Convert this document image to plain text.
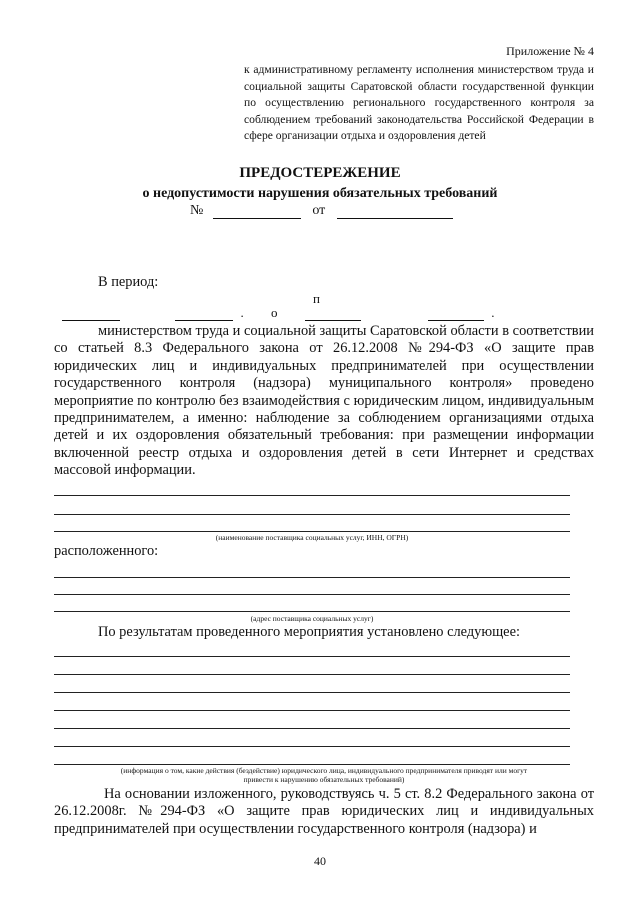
Приложение № 4
к административному регламенту исполнения министерством труда и социальной защиты Саратовской области государственной функции по осуществлению регионального государственного контроля за соблюдением требований законодательства Российской Федерации в сфере организации отдыха и оздоровления детей
ПРЕДОСТЕРЕЖЕНИЕ
о недопустимости нарушения обязательных требований
№	от
В период:
п
. о	.
министерством труда и социальной защиты Саратовской области в соответствии со статьей 8.3 Федерального закона от 26.12.2008 №294-ФЗ «О защите прав юридических лиц и индивидуальных предпринимателей при осуществлении государственного контроля (надзора) муниципального контроля» проведено мероприятие по контролю без взаимодействия с юридическим лицом, индивидуальным предпринимателем, а именно: наблюдение за соблюдением организациями отдыха детей и их оздоровления обязательный требования: при размещении информации включенной реестр отдыха и оздоровления детей в сети Интернет и средствах массовой информации.
(наименование поставщика социальных услуг, ИНН, ОГРН)
расположенного:
(адрес поставщика социальных услуг)
По результатам проведенного мероприятия установлено следующее:
(информация о том, какие действия (бездействие) юридического лица, индивидуального предпринимателя приводят или могут
привести к нарушению обязательных требований)
На основании изложенного, руководствуясь ч. 5 ст. 8.2 Федерального закона от 26.12.2008г. №294-ФЗ «О защите прав юридических лиц и индивидуальных предпринимателей при осуществлении государственного контроля (надзора) и
40
